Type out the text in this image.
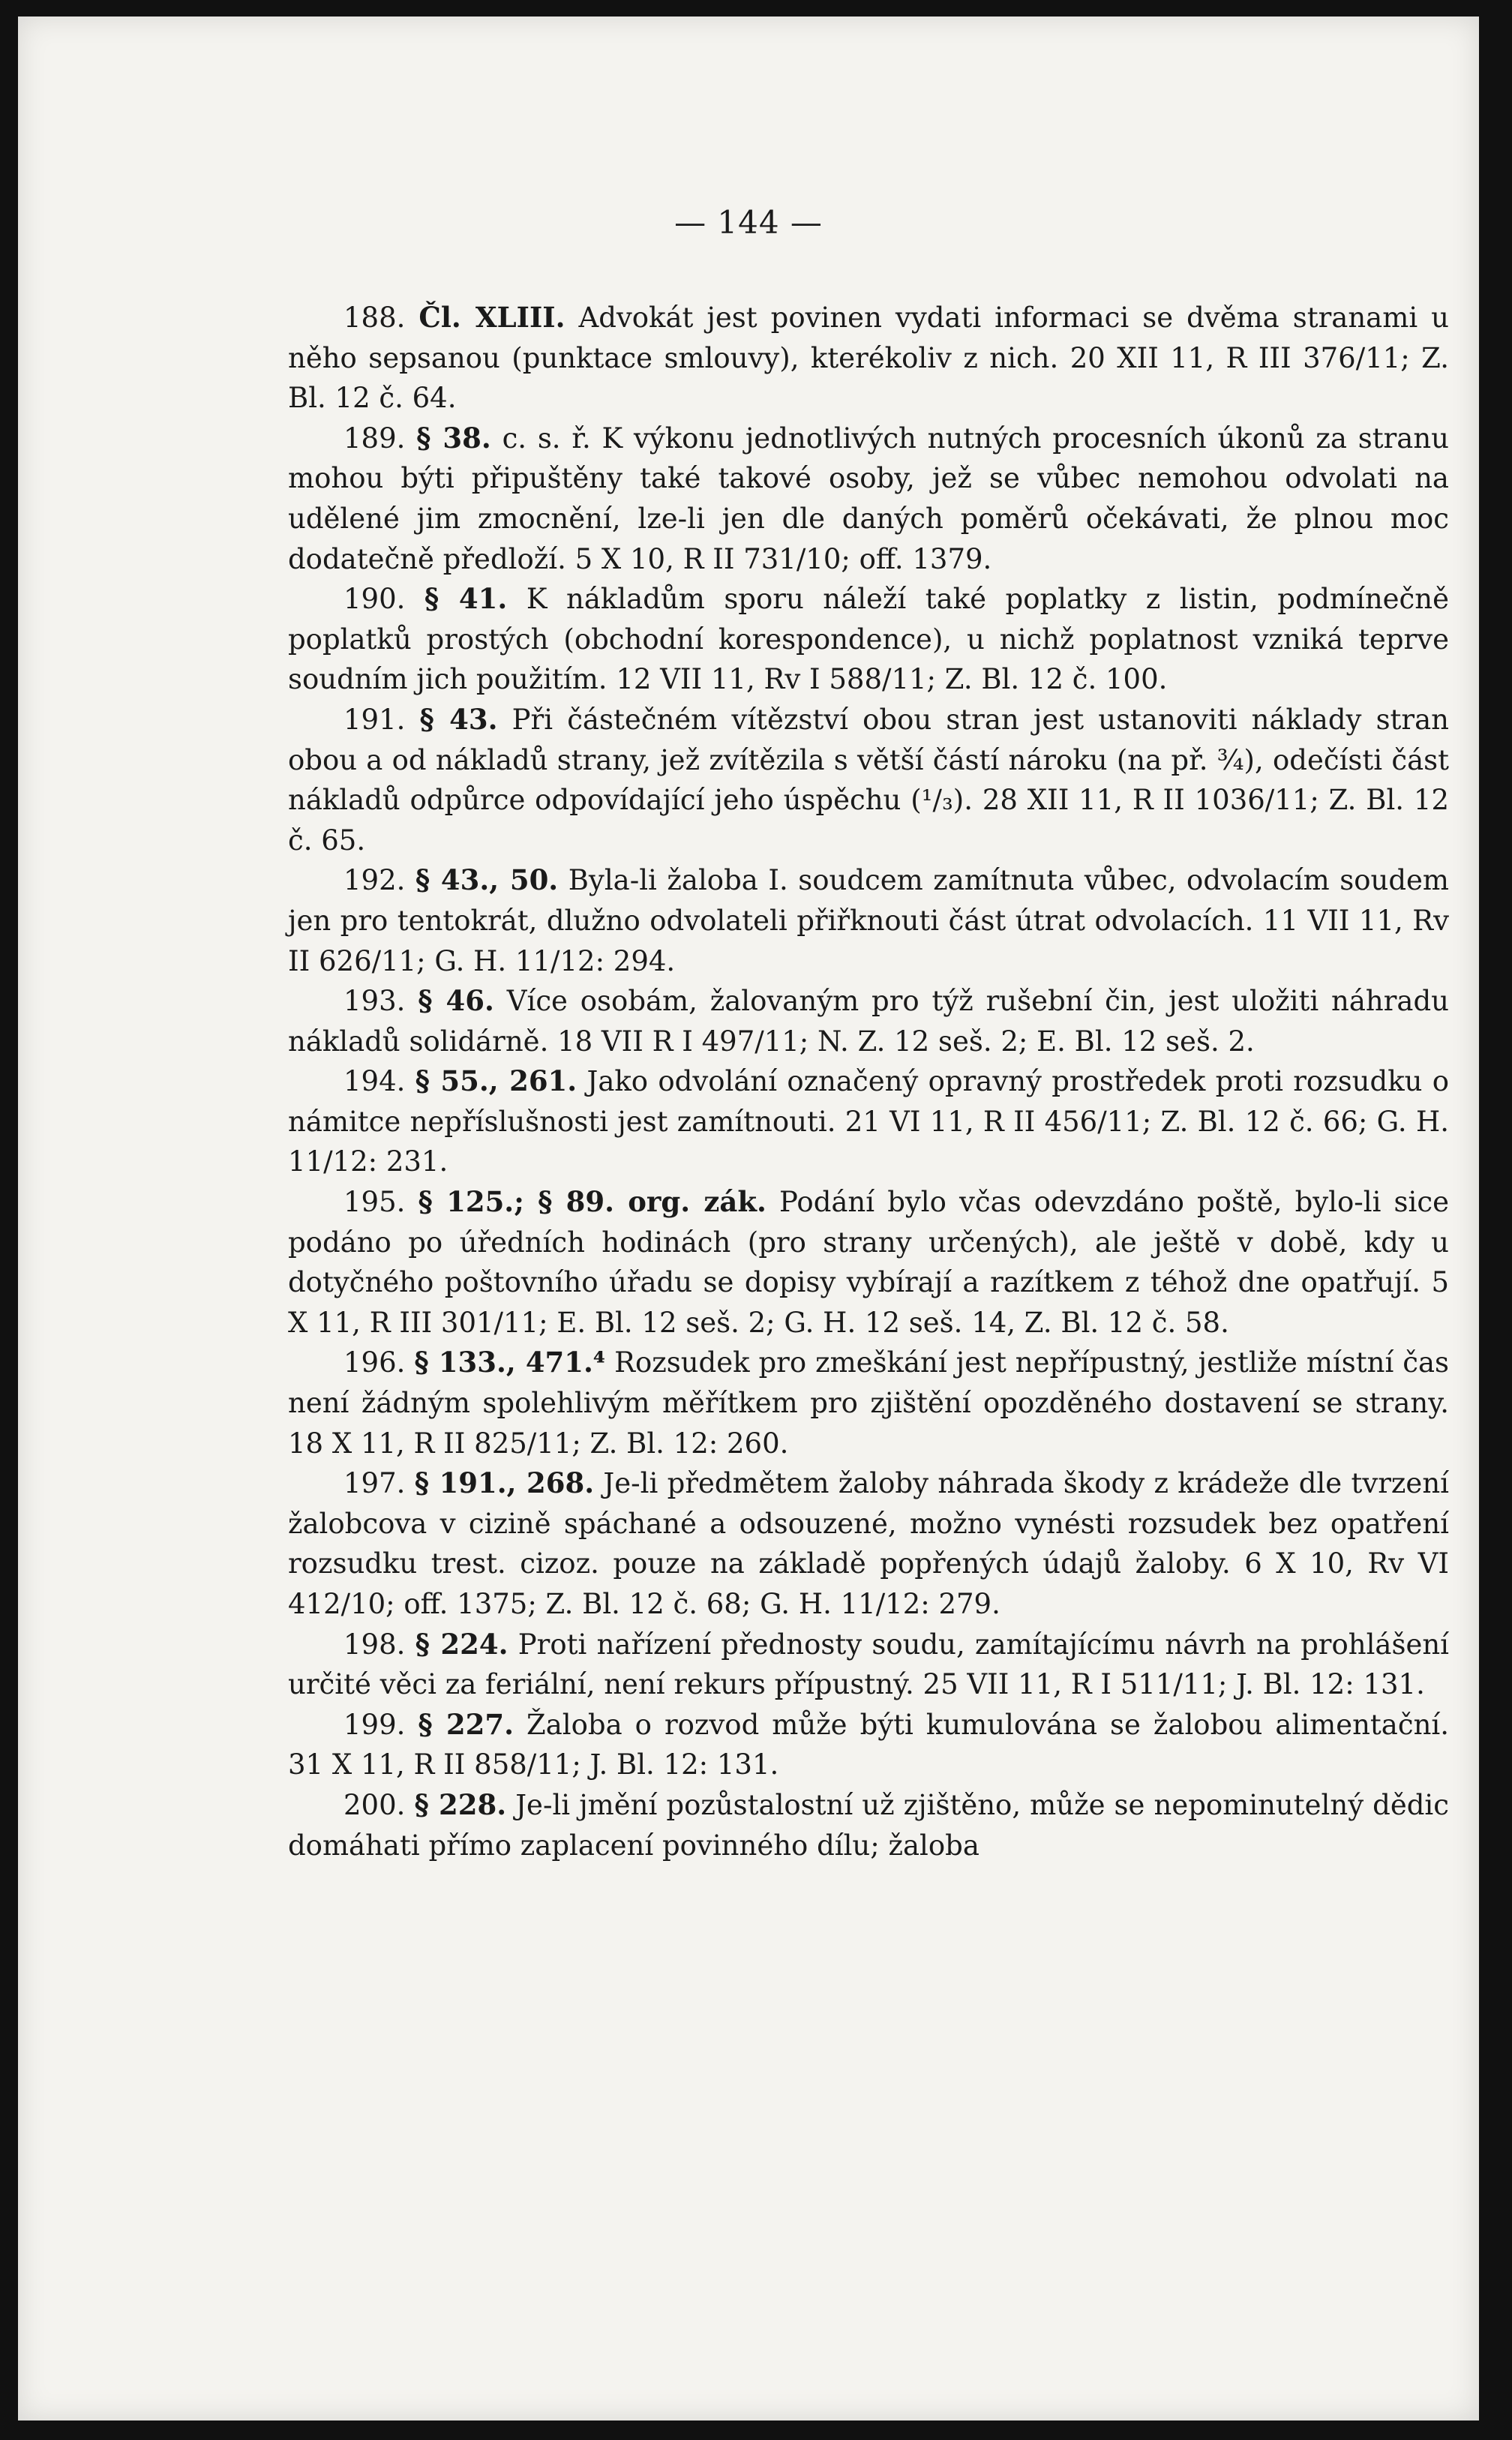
— 144 —

188. Čl. XLIII. Advokát jest povinen vydati informaci se dvěma stranami u něho sepsanou (punktace smlouvy), kterékoliv z nich. 20 XII 11, R III 376/11; Z. Bl. 12 č. 64.

189. § 38. c. s. ř. K výkonu jednotlivých nutných procesních úkonů za stranu mohou býti připuštěny také takové osoby, jež se vůbec nemohou odvolati na udělené jim zmocnění, lze-li jen dle daných poměrů očekávati, že plnou moc dodatečně předloží. 5 X 10, R II 731/10; off. 1379.

190. § 41. K nákladům sporu náleží také poplatky z listin, podmínečně poplatků prostých (obchodní korespondence), u nichž poplatnost vzniká teprve soudním jich použitím. 12 VII 11, Rv I 588/11; Z. Bl. 12 č. 100.

191. § 43. Při částečném vítězství obou stran jest ustanoviti náklady stran obou a od nákladů strany, jež zvítězila s větší částí nároku (na př. ¾), odečísti část nákladů odpůrce odpovídající jeho úspěchu (¹/₃). 28 XII 11, R II 1036/11; Z. Bl. 12 č. 65.

192. § 43., 50. Byla-li žaloba I. soudcem zamítnuta vůbec, odvolacím soudem jen pro tentokrát, dlužno odvolateli přiřknouti část útrat odvolacích. 11 VII 11, Rv II 626/11; G. H. 11/12: 294.

193. § 46. Více osobám, žalovaným pro týž rušební čin, jest uložiti náhradu nákladů solidárně. 18 VII R I 497/11; N. Z. 12 seš. 2; E. Bl. 12 seš. 2.

194. § 55., 261. Jako odvolání označený opravný prostředek proti rozsudku o námitce nepříslušnosti jest zamítnouti. 21 VI 11, R II 456/11; Z. Bl. 12 č. 66; G. H. 11/12: 231.

195. § 125.; § 89. org. zák. Podání bylo včas odevzdáno poště, bylo-li sice podáno po úředních hodinách (pro strany určených), ale ještě v době, kdy u dotyčného poštovního úřadu se dopisy vybírají a razítkem z téhož dne opatřují. 5 X 11, R III 301/11; E. Bl. 12 seš. 2; G. H. 12 seš. 14, Z. Bl. 12 č. 58.

196. § 133., 471.⁴ Rozsudek pro zmeškání jest nepřípustný, jestliže místní čas není žádným spolehlivým měřítkem pro zjištění opozděného dostavení se strany. 18 X 11, R II 825/11; Z. Bl. 12: 260.

197. § 191., 268. Je-li předmětem žaloby náhrada škody z krádeže dle tvrzení žalobcova v cizině spáchané a odsouzené, možno vynésti rozsudek bez opatření rozsudku trest. cizoz. pouze na základě popřených údajů žaloby. 6 X 10, Rv VI 412/10; off. 1375; Z. Bl. 12 č. 68; G. H. 11/12: 279.

198. § 224. Proti nařízení přednosty soudu, zamítajícímu návrh na prohlášení určité věci za feriální, není rekurs přípustný. 25 VII 11, R I 511/11; J. Bl. 12: 131.

199. § 227. Žaloba o rozvod může býti kumulována se žalobou alimentační. 31 X 11, R II 858/11; J. Bl. 12: 131.

200. § 228. Je-li jmění pozůstalostní už zjištěno, může se nepominutelný dědic domáhati přímo zaplacení povinného dílu; žaloba
